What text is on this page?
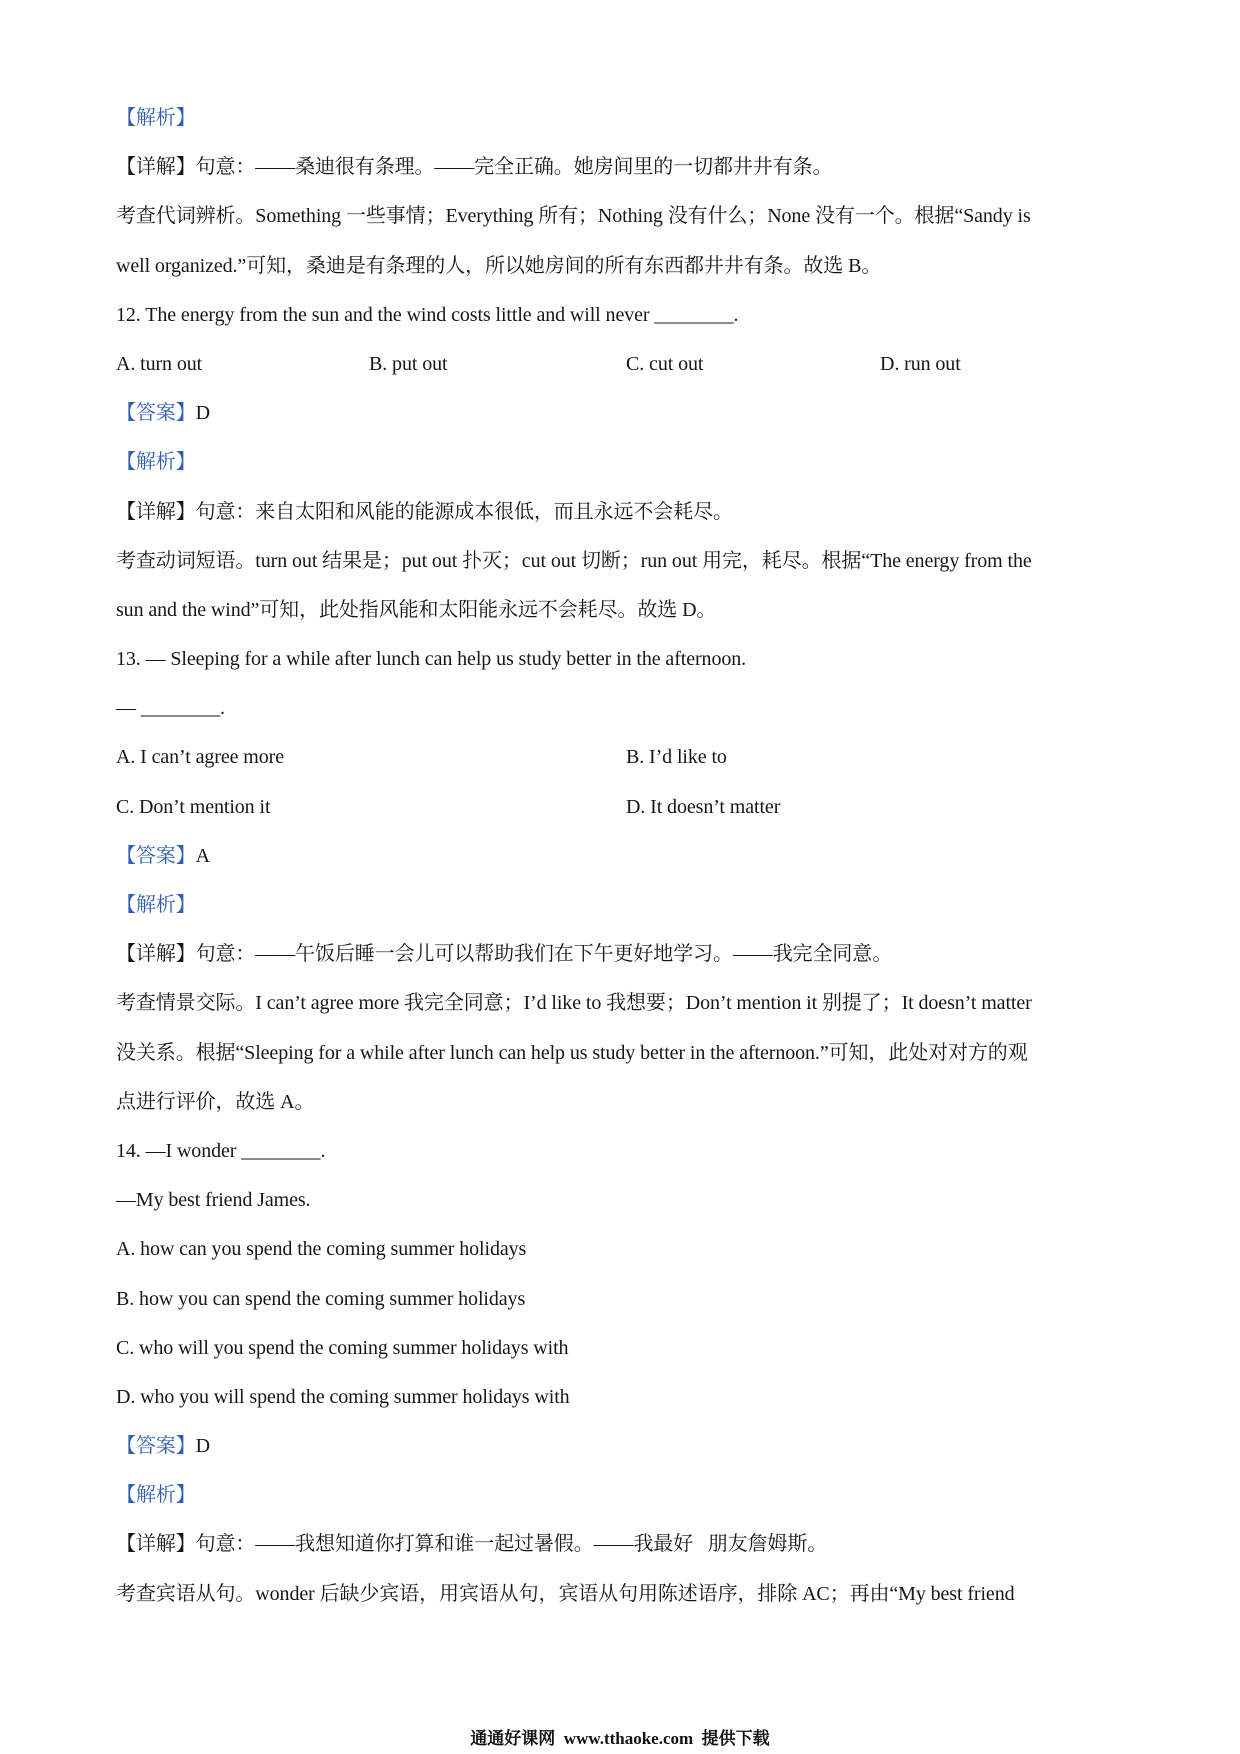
【解析】
【详解】句意：——桑迪很有条理。——完全正确。她房间里的一切都井井有条。
考查代词辨析。Something 一些事情；Everything 所有；Nothing 没有什么；None 没有一个。根据“Sandy is
well organized.”可知，桑迪是有条理的人，所以她房间的所有东西都井井有条。故选 B。
12. The energy from the sun and the wind costs little and will never ________.
A. turn out	B. put out	C. cut out	D. run out
【答案】D
【解析】
【详解】句意：来自太阳和风能的能源成本很低，而且永远不会耗尽。
考查动词短语。turn out 结果是；put out 扑灭；cut out 切断；run out 用完，耗尽。根据“The energy from the
sun and the wind”可知，此处指风能和太阳能永远不会耗尽。故选 D。
13. — Sleeping for a while after lunch can help us study better in the afternoon.
— ________.
A. I can’t agree more	B. I’d like to
C. Don’t mention it	D. It doesn’t matter
【答案】A
【解析】
【详解】句意：——午饭后睡一会儿可以帮助我们在下午更好地学习。——我完全同意。
考查情景交际。I can’t agree more 我完全同意；I’d like to 我想要；Don’t mention it 别提了；It doesn’t matter
没关系。根据“Sleeping for a while after lunch can help us study better in the afternoon.”可知，此处对对方的观
点进行评价，故选 A。
14. —I wonder ________.
—My best friend James.
A. how can you spend the coming summer holidays
B. how you can spend the coming summer holidays
C. who will you spend the coming summer holidays with
D. who you will spend the coming summer holidays with
【答案】D
【解析】
【详解】句意：——我想知道你打算和谁一起过暑假。——我最好   朋友詹姆斯。
考查宾语从句。wonder 后缺少宾语，用宾语从句，宾语从句用陈述语序，排除 AC；再由“My best friend
通通好课网  www.tthaoke.com  提供下载
